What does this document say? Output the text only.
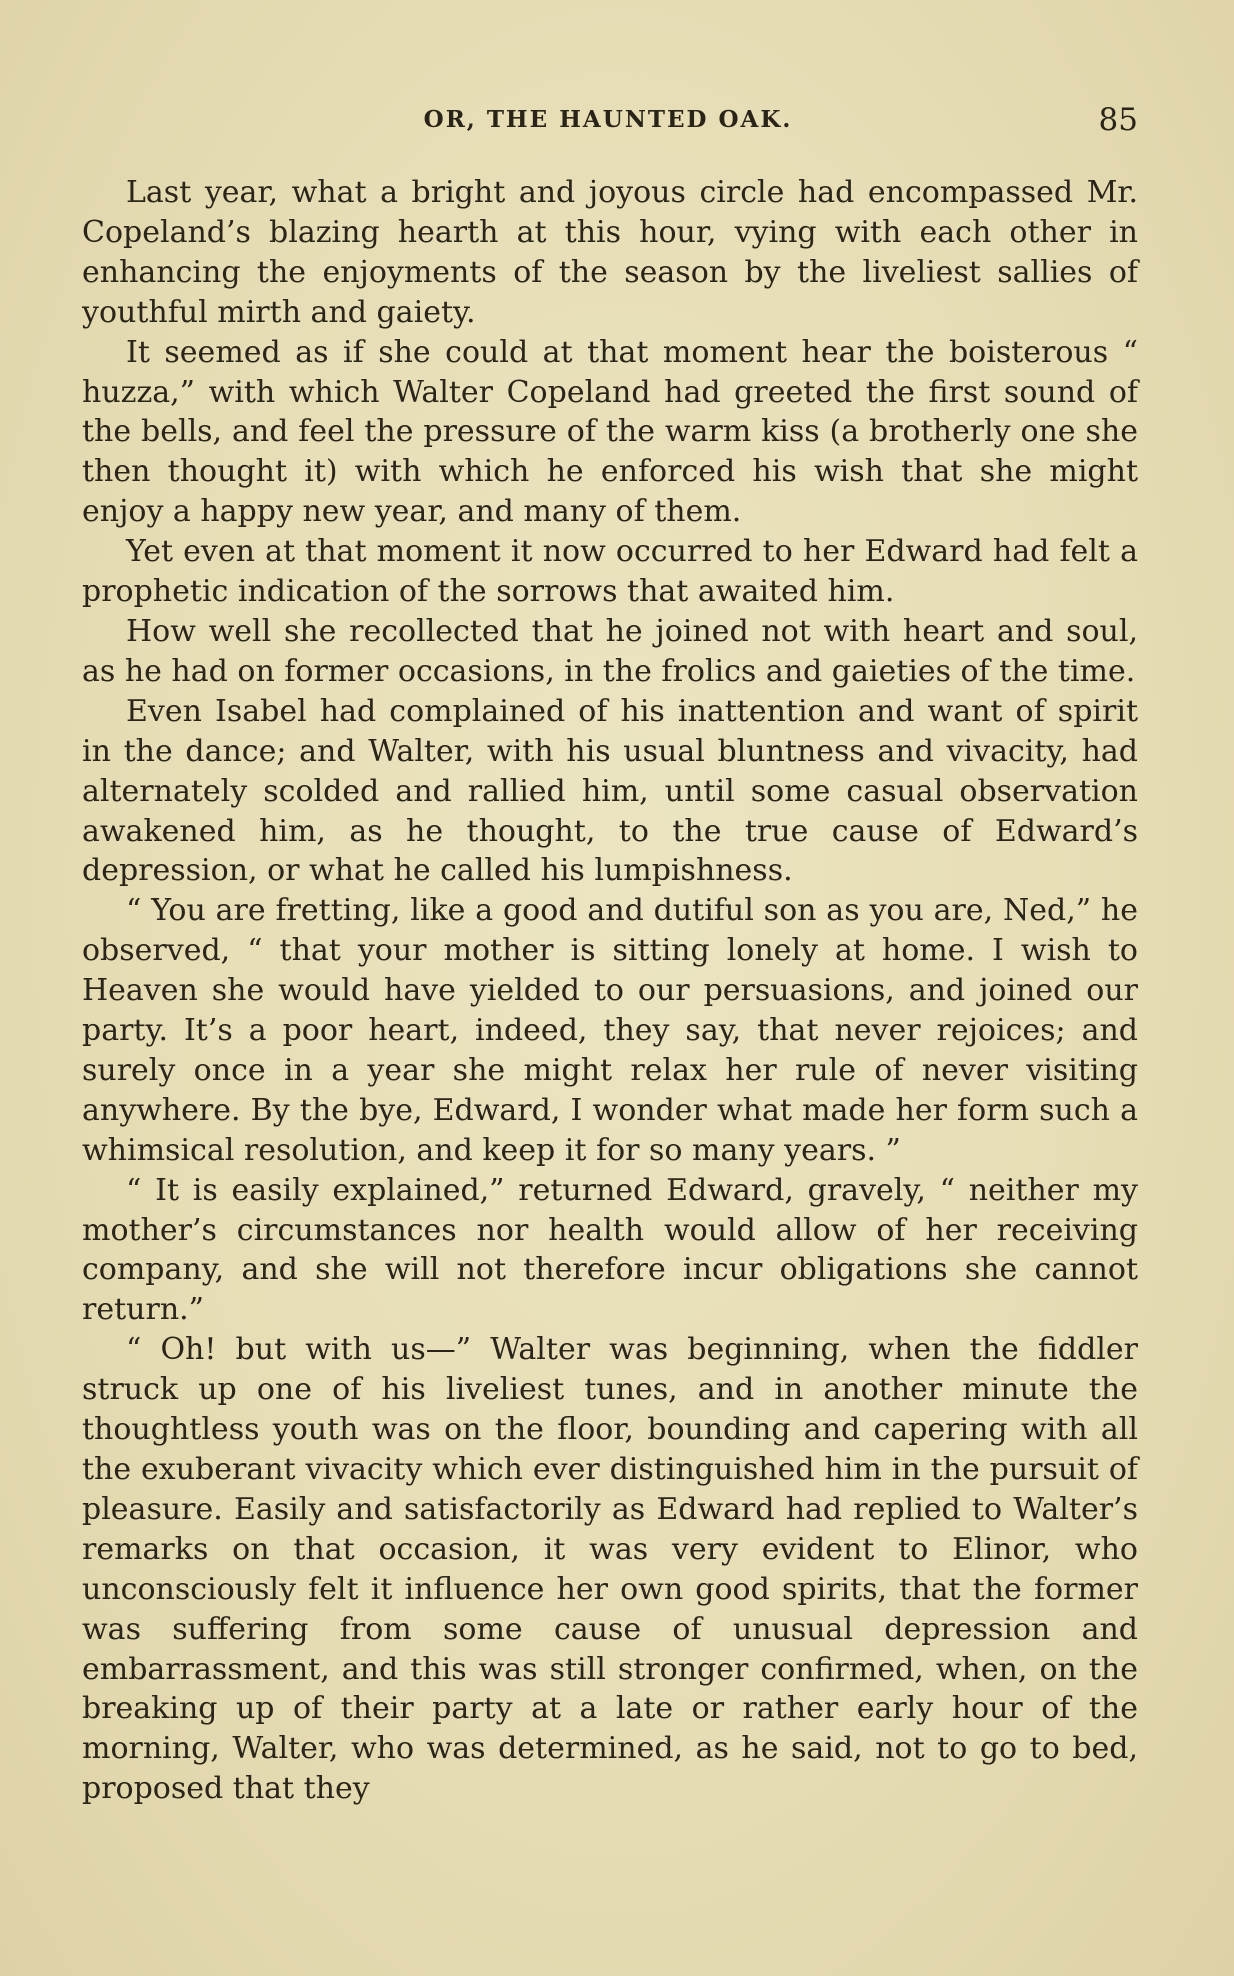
OR, THE HAUNTED OAK.	85

Last year, what a bright and joyous circle had encompassed Mr. Copeland’s blazing hearth at this hour, vying with each other in enhancing the enjoyments of the season by the liveliest sallies of youthful mirth and gaiety.

It seemed as if she could at that moment hear the boisterous “ huzza,” with which Walter Copeland had greeted the first sound of the bells, and feel the pressure of the warm kiss (a brotherly one she then thought it) with which he enforced his wish that she might enjoy a happy new year, and many of them.

Yet even at that moment it now occurred to her Edward had felt a prophetic indication of the sorrows that awaited him.

How well she recollected that he joined not with heart and soul, as he had on former occasions, in the frolics and gaieties of the time.

Even Isabel had complained of his inattention and want of spirit in the dance; and Walter, with his usual bluntness and vivacity, had alternately scolded and rallied him, until some casual observation awakened him, as he thought, to the true cause of Edward’s depression, or what he called his lumpishness.

“ You are fretting, like a good and dutiful son as you are, Ned,” he observed, “ that your mother is sitting lonely at home. I wish to Heaven she would have yielded to our persuasions, and joined our party. It’s a poor heart, indeed, they say, that never rejoices; and surely once in a year she might relax her rule of never visiting anywhere. By the bye, Edward, I wonder what made her form such a whimsical resolution, and keep it for so many years. ”

“ It is easily explained,” returned Edward, gravely, “ neither my mother’s circumstances nor health would allow of her receiving company, and she will not therefore incur obligations she cannot return.”

“ Oh! but with us—” Walter was beginning, when the fiddler struck up one of his liveliest tunes, and in another minute the thoughtless youth was on the floor, bounding and capering with all the exuberant vivacity which ever distinguished him in the pursuit of pleasure. Easily and satisfactorily as Edward had replied to Walter’s remarks on that occasion, it was very evident to Elinor, who unconsciously felt it influence her own good spirits, that the former was suffering from some cause of unusual depression and embarrassment, and this was still stronger confirmed, when, on the breaking up of their party at a late or rather early hour of the morning, Walter, who was determined, as he said, not to go to bed, proposed that they
